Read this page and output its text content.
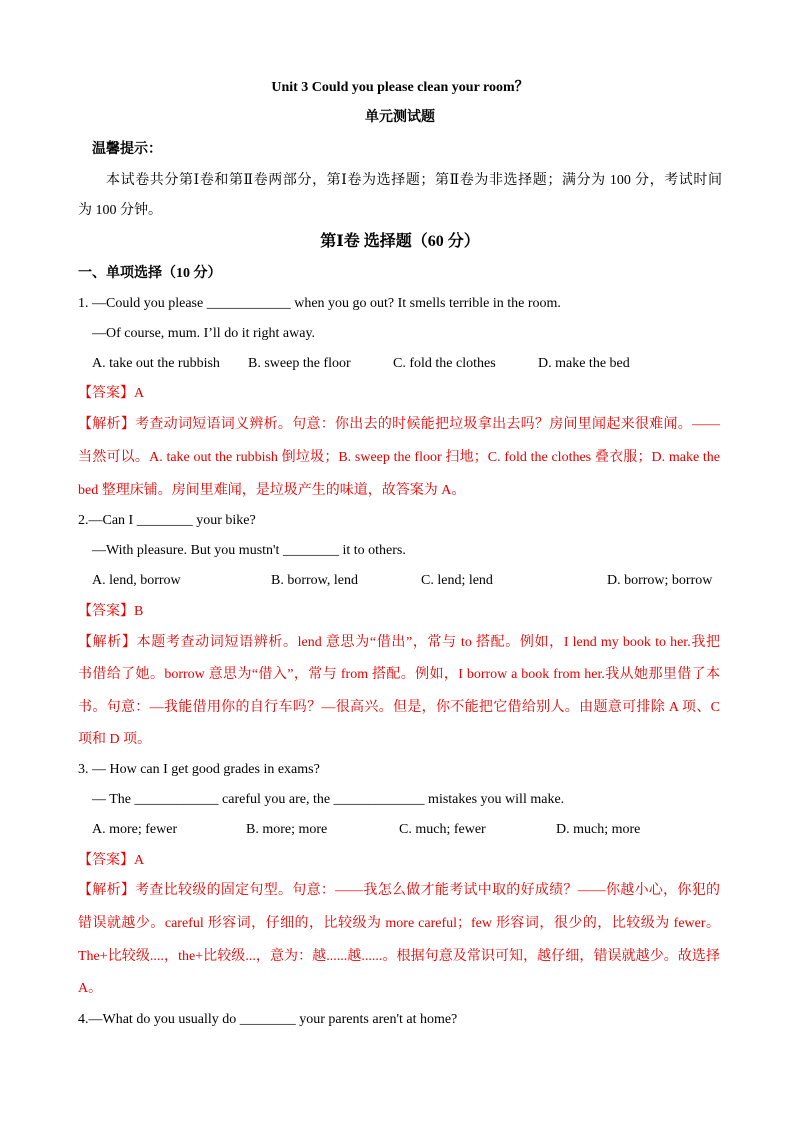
Unit 3 Could you please clean your room？
单元测试题
温馨提示：
本试卷共分第Ⅰ卷和第Ⅱ卷两部分，第Ⅰ卷为选择题；第Ⅱ卷为非选择题；满分为 100 分，考试时间
为 100 分钟。
第Ⅰ卷 选择题（60 分）
一、单项选择（10 分）
1. —Could you please ____________ when you go out? It smells terrible in the room.
—Of course, mum. I’ll do it right away.
A. take out the rubbish B. sweep the floor	C. fold the clothes	D. make the bed
【答案】A
【解析】考查动词短语词义辨析。句意：你出去的时候能把垃圾拿出去吗？房间里闻起来很难闻。——
当然可以。A. take out the rubbish 倒垃圾；B. sweep the floor 扫地；C. fold the clothes 叠衣服；D. make the
bed 整理床铺。房间里难闻，是垃圾产生的味道，故答案为 A。
2.—Can I ________ your bike?
—With pleasure. But you mustn't ________ it to others.
A. lend, borrow	B. borrow, lend	C. lend; lend	D. borrow; borrow
【答案】B
【解析】本题考查动词短语辨析。lend 意思为“借出”，常与 to 搭配。例如，I lend my book to her.我把
书借给了她。borrow 意思为“借入”，常与 from 搭配。例如，I borrow a book from her.我从她那里借了本
书。句意：—我能借用你的自行车吗？—很高兴。但是，你不能把它借给别人。由题意可排除 A 项、C
项和 D 项。
3. — How can I get good grades in exams?
— The ____________ careful you are, the _____________ mistakes you will make.
A. more; fewer	B. more; more	C. much; fewer	D. much; more
【答案】A
【解析】考查比较级的固定句型。句意：——我怎么做才能考试中取的好成绩？——你越小心，你犯的
错误就越少。careful 形容词，仔细的，比较级为 more careful；few 形容词，很少的，比较级为 fewer。
The+比较级....，the+比较级...，意为：越......越......。根据句意及常识可知，越仔细，错误就越少。故选择
A。
4.—What do you usually do ________ your parents aren't at home?
